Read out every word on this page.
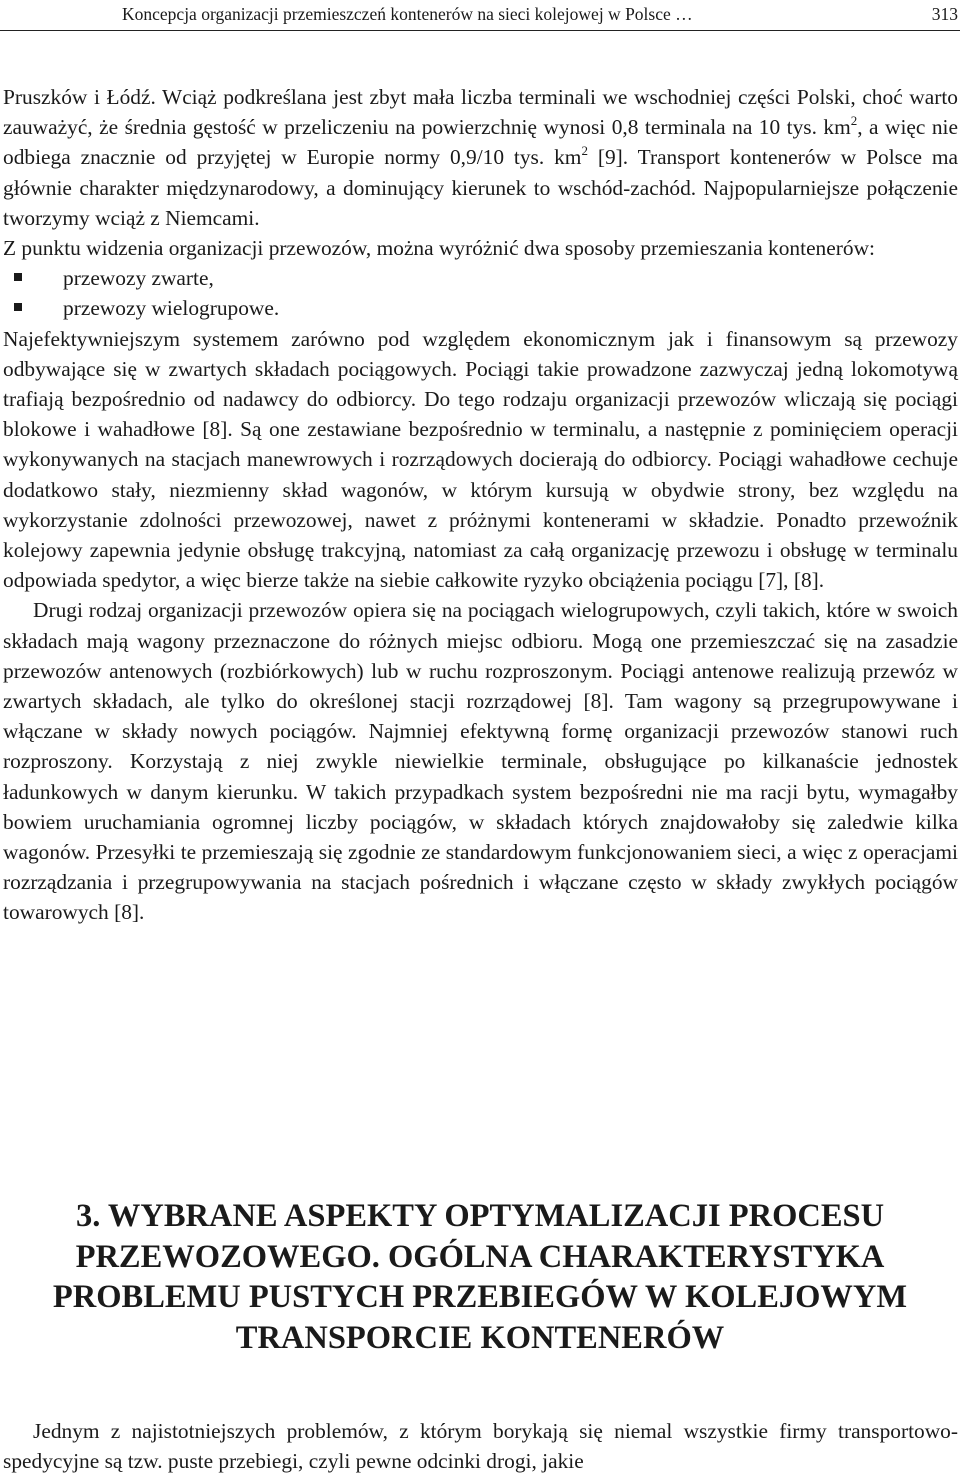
Koncepcja organizacji przemieszczeń kontenerów na sieci kolejowej w Polsce …	313

Pruszków i Łódź. Wciąż podkreślana jest zbyt mała liczba terminali we wschodniej części Polski, choć warto zauważyć, że średnia gęstość w przeliczeniu na powierzchnię wynosi 0,8 terminala na 10 tys. $km^2$, a więc nie odbiega znacznie od przyjętej w Europie normy 0,9/10 tys. $km^2$ [9]. Transport kontenerów w Polsce ma głównie charakter międzynarodowy, a dominujący kierunek to wschód-zachód. Najpopularniejsze połączenie tworzymy wciąż z Niemcami.

Z punktu widzenia organizacji przewozów, można wyróżnić dwa sposoby przemieszania kontenerów:

przewozy zwarte,
przewozy wielogrupowe.

Najefektywniejszym systemem zarówno pod względem ekonomicznym jak i finansowym są przewozy odbywające się w zwartych składach pociągowych. Pociągi takie prowadzone zazwyczaj jedną lokomotywą trafiają bezpośrednio od nadawcy do odbiorcy. Do tego rodzaju organizacji przewozów wliczają się pociągi blokowe i wahadłowe [8]. Są one zestawiane bezpośrednio w terminalu, a następnie z pominięciem operacji wykonywanych na stacjach manewrowych i rozrządowych docierają do odbiorcy. Pociągi wahadłowe cechuje dodatkowo stały, niezmienny skład wagonów, w którym kursują w obydwie strony, bez względu na wykorzystanie zdolności przewozowej, nawet z próżnymi kontenerami w składzie. Ponadto przewoźnik kolejowy zapewnia jedynie obsługę trakcyjną, natomiast za całą organizację przewozu i obsługę w terminalu odpowiada spedytor, a więc bierze także na siebie całkowite ryzyko obciążenia pociągu [7], [8].

Drugi rodzaj organizacji przewozów opiera się na pociągach wielogrupowych, czyli takich, które w swoich składach mają wagony przeznaczone do różnych miejsc odbioru. Mogą one przemieszczać się na zasadzie przewozów antenowych (rozbiórkowych) lub w ruchu rozproszonym. Pociągi antenowe realizują przewóz w zwartych składach, ale tylko do określonej stacji rozrządowej [8]. Tam wagony są przegrupowywane i włączane w składy nowych pociągów. Najmniej efektywną formę organizacji przewozów stanowi ruch rozproszony. Korzystają z niej zwykle niewielkie terminale, obsługujące po kilkanaście jednostek ładunkowych w danym kierunku. W takich przypadkach system bezpośredni nie ma racji bytu, wymagałby bowiem uruchamiania ogromnej liczby pociągów, w składach których znajdowałoby się zaledwie kilka wagonów. Przesyłki te przemieszają się zgodnie ze standardowym funkcjonowaniem sieci, a więc z operacjami rozrządzania i przegrupowywania na stacjach pośrednich i włączane często w składy zwykłych pociągów towarowych [8].

3. WYBRANE ASPEKTY OPTYMALIZACJI PROCESU
PRZEWOZOWEGO. OGÓLNA CHARAKTERYSTYKA
PROBLEMU PUSTYCH PRZEBIEGÓW W KOLEJOWYM
TRANSPORCIE KONTENERÓW

Jednym z najistotniejszych problemów, z którym borykają się niemal wszystkie firmy transportowo-spedycyjne są tzw. puste przebiegi, czyli pewne odcinki drogi, jakie
